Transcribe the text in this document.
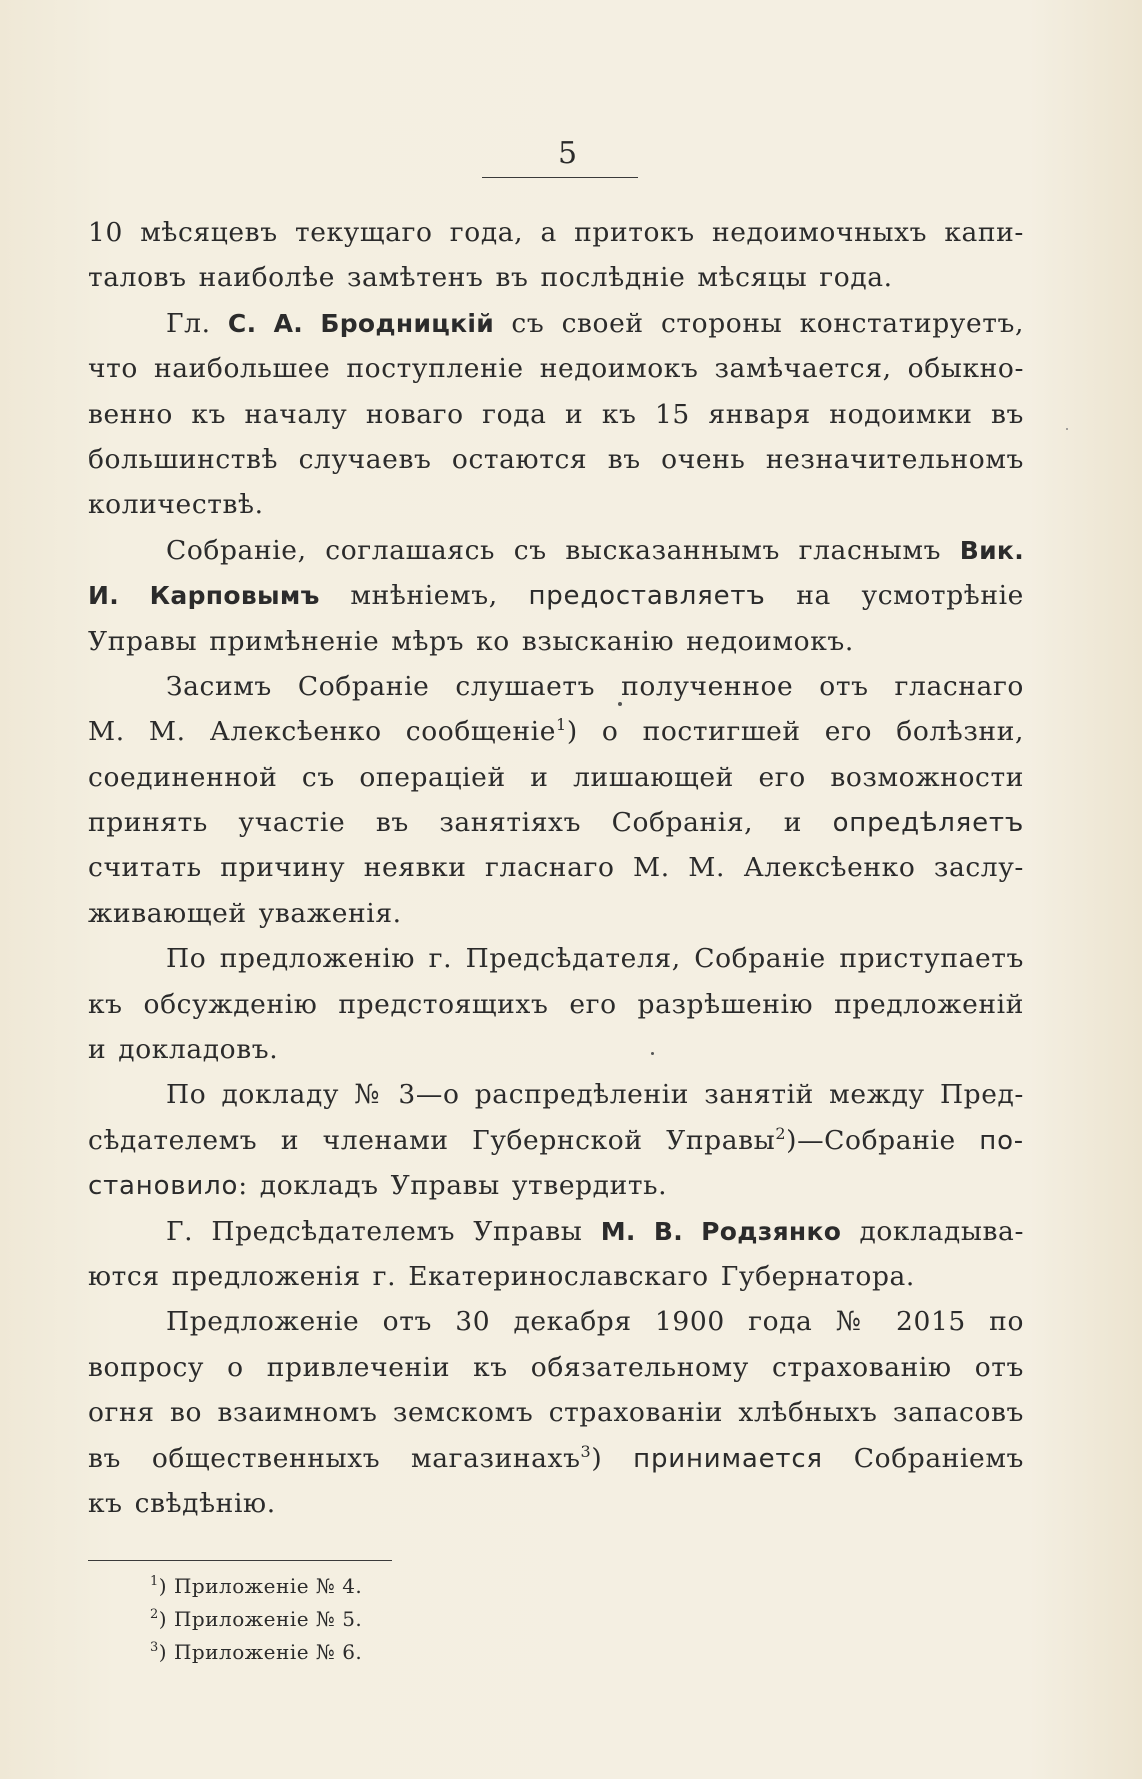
5
10 мѣсяцевъ текущаго года, а притокъ недоимочныхъ капи-
таловъ наиболѣе замѣтенъ въ послѣдніе мѣсяцы года.
Гл. С. А. Бродницкій съ своей стороны констатируетъ,
что наибольшее поступленіе недоимокъ замѣчается, обыкно-
венно къ началу новаго года и къ 15 января нодоимки въ
большинствѣ случаевъ остаются въ очень незначительномъ
количествѣ.
Собраніе, соглашаясь съ высказаннымъ гласнымъ Вик.
И. Карповымъ мнѣніемъ, предоставляетъ на усмотрѣніе
Управы примѣненіе мѣръ ко взысканію недоимокъ.
Засимъ Собраніе слушаетъ полученное отъ гласнаго
М. М. Алексѣенко сообщеніе$^1$) о постигшей его болѣзни,
соединенной съ операціей и лишающей его возможности
принять участіе въ занятіяхъ Собранія, и опредѣляетъ
считать причину неявки гласнаго М. М. Алексѣенко заслу-
живающей уваженія.
По предложенію г. Предсѣдателя, Собраніе приступаетъ
къ обсужденію предстоящихъ его разрѣшенію предложеній
и докладовъ.
По докладу № 3—о распредѣленіи занятій между Пред-
сѣдателемъ и членами Губернской Управы$^2$)—Собраніе по-
становило: докладъ Управы утвердить.
Г. Предсѣдателемъ Управы М. В. Родзянко докладыва-
ются предложенія г. Екатеринославскаго Губернатора.
Предложеніе отъ 30 декабря 1900 года № 2015 по
вопросу о привлеченіи къ обязательному страхованію отъ
огня во взаимномъ земскомъ страхованіи хлѣбныхъ запасовъ
въ общественныхъ магазинахъ$^3$) принимается Собраніемъ
къ свѣдѣнію.
$^1$) Приложеніе № 4.
$^2$) Приложеніе № 5.
$^3$) Приложеніе № 6.
